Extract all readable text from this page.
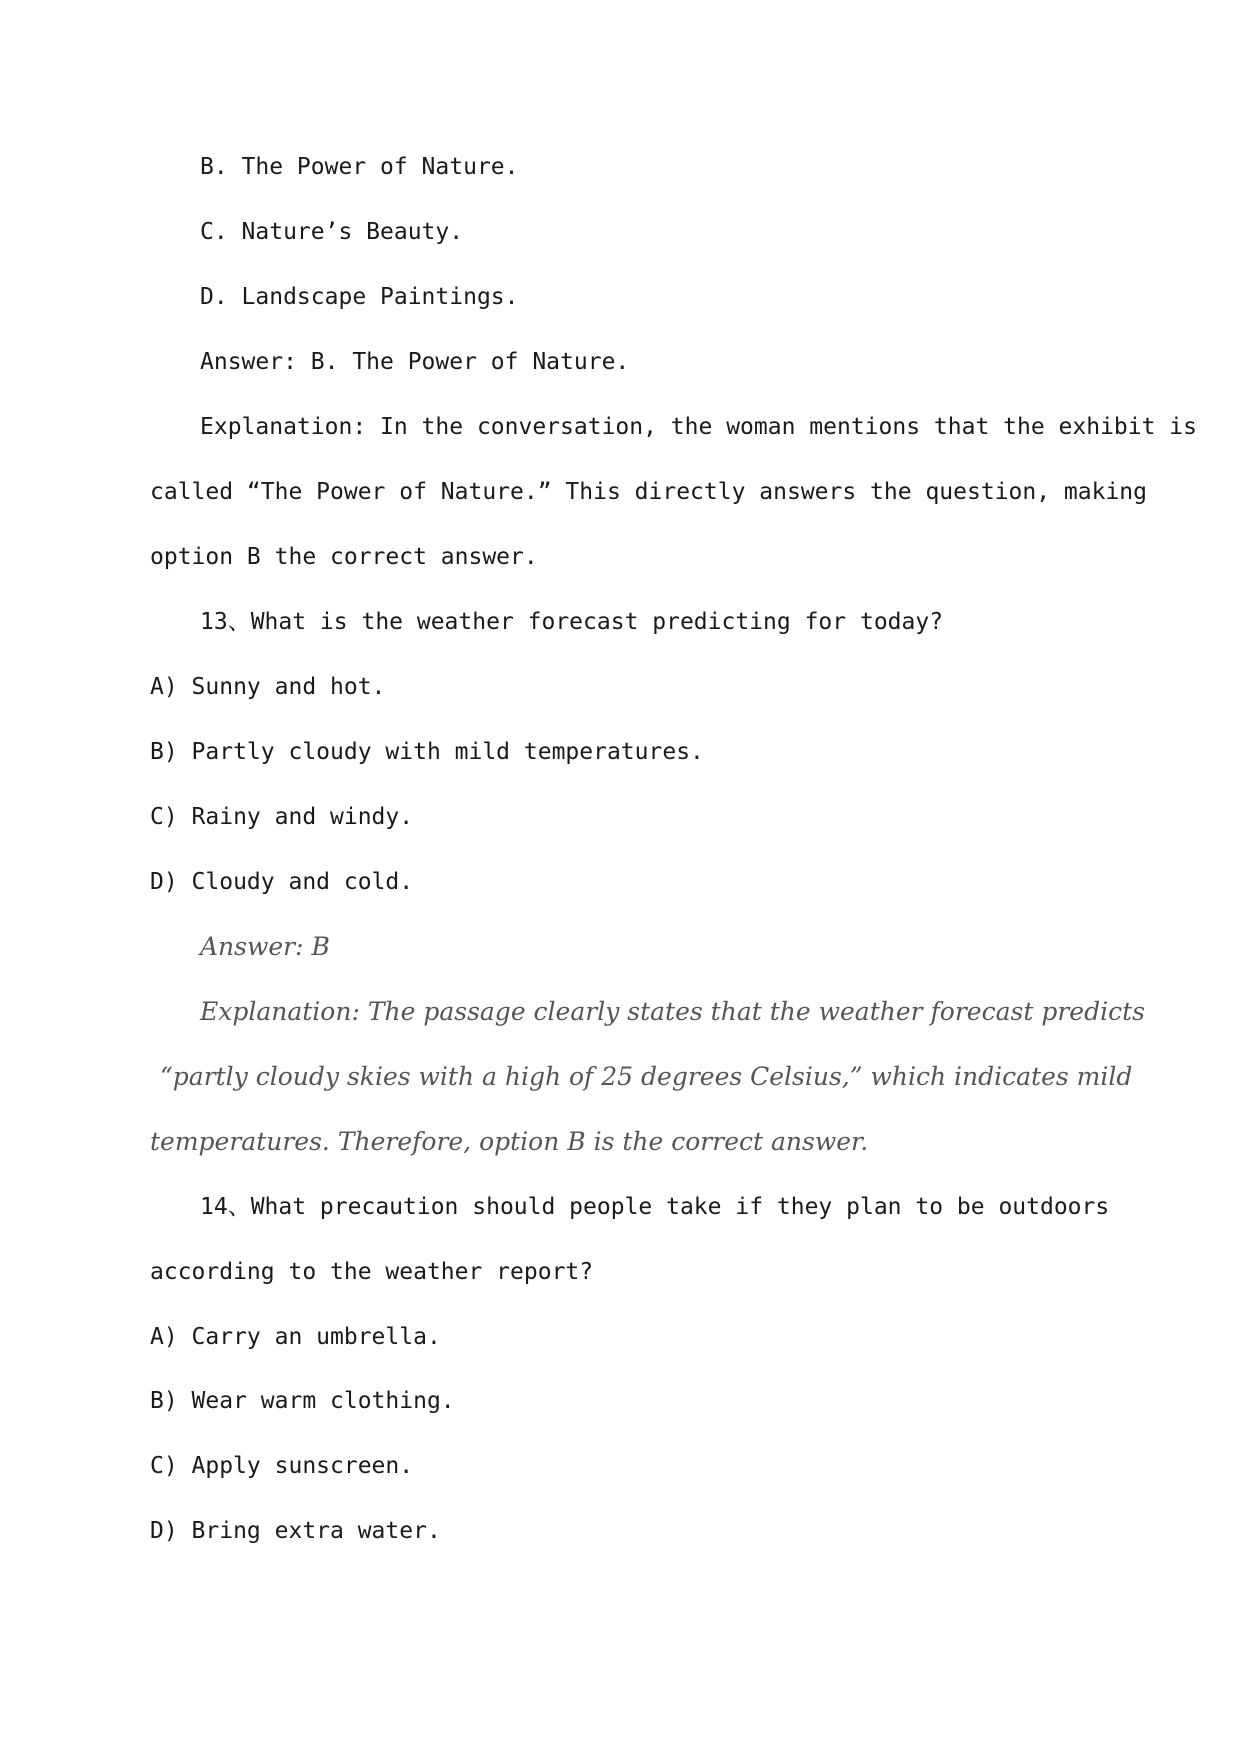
B. The Power of Nature.
C. Nature’s Beauty.
D. Landscape Paintings.
Answer: B. The Power of Nature.
Explanation: In the conversation, the woman mentions that the exhibit is
called “The Power of Nature.” This directly answers the question, making
option B the correct answer.
13、What is the weather forecast predicting for today?
A) Sunny and hot.
B) Partly cloudy with mild temperatures.
C) Rainy and windy.
D) Cloudy and cold.
Answer: B
Explanation: The passage clearly states that the weather forecast predicts
“partly cloudy skies with a high of 25 degrees Celsius,” which indicates mild
temperatures. Therefore, option B is the correct answer.
14、What precaution should people take if they plan to be outdoors
according to the weather report?
A) Carry an umbrella.
B) Wear warm clothing.
C) Apply sunscreen.
D) Bring extra water.
